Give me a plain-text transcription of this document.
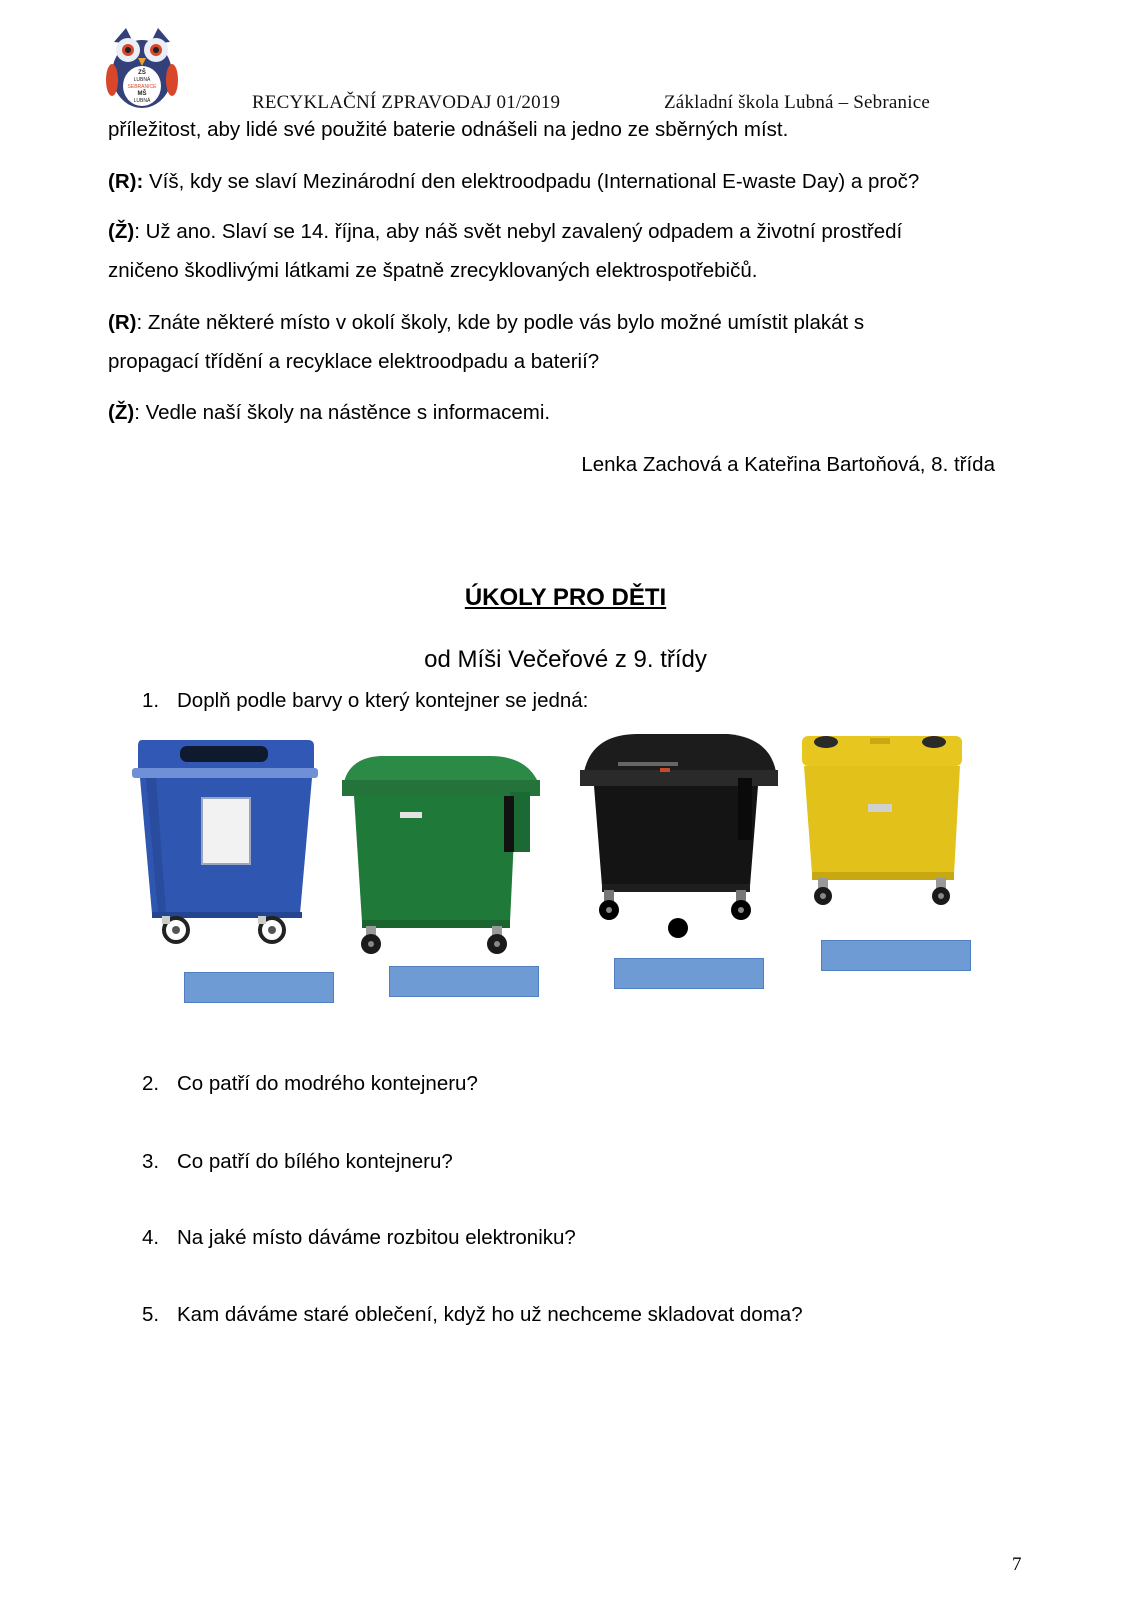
ZŠ
LUBNÁ
SEBRANICE
MŠ
LUBNÁ	RECYKLAČNÍ ZPRAVODAJ 01/2019	Základní škola Lubná – Sebranice
příležitost, aby lidé své použité baterie odnášeli na jedno ze sběrných míst.
(R): Víš, kdy se slaví Mezinárodní den elektroodpadu (International E-waste Day) a proč?
(Ž): Už ano. Slaví se 14. října, aby náš svět nebyl zavalený odpadem a životní prostředí
zničeno škodlivými látkami ze špatně zrecyklovaných elektrospotřebičů.
(R): Znáte některé místo v okolí školy, kde by podle vás bylo možné umístit plakát s
propagací třídění a recyklace elektroodpadu a baterií?
(Ž): Vedle naší školy na nástěnce s informacemi.
Lenka Zachová a Kateřina Bartoňová, 8. třída
ÚKOLY PRO DĚTI
od Míši Večeřové z 9. třídy
1. Doplň podle barvy o který kontejner se jedná:
2. Co patří do modrého kontejneru?
3. Co patří do bílého kontejneru?
4. Na jaké místo dáváme rozbitou elektroniku?
5. Kam dáváme staré oblečení, když ho už nechceme skladovat doma?
7
